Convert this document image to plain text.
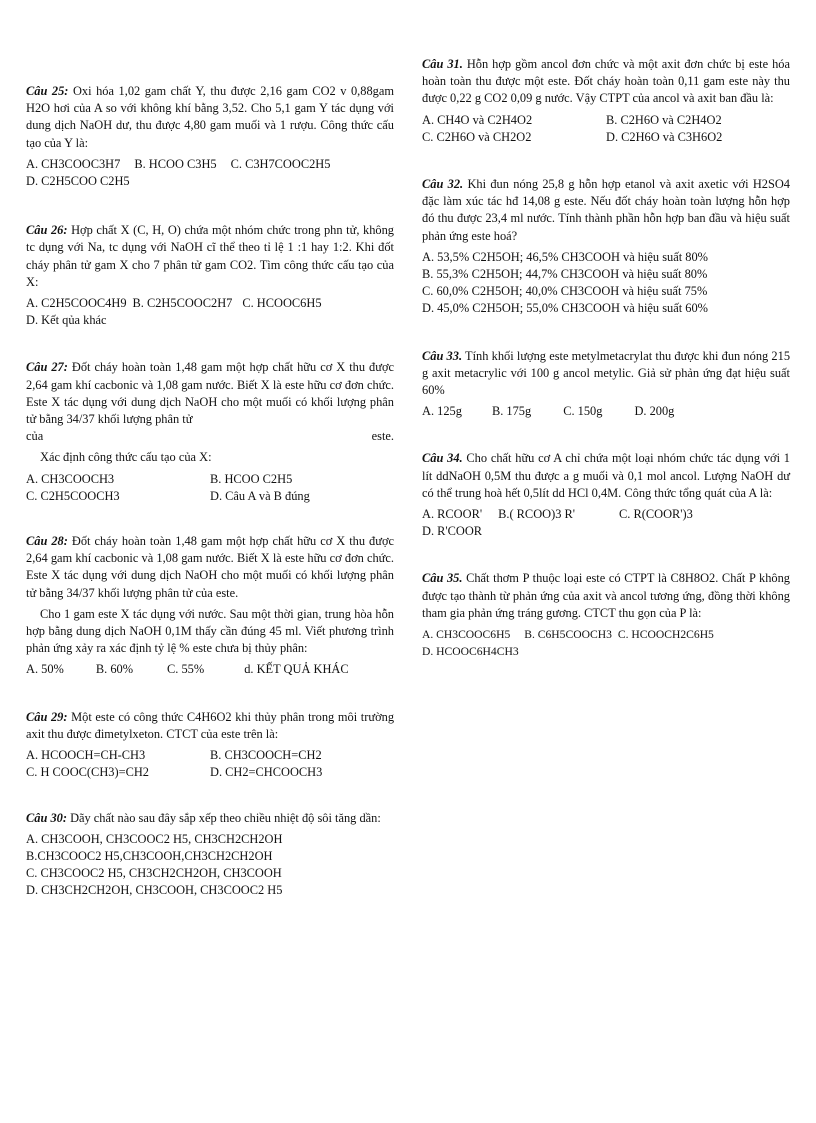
Câu 25: Oxi hóa 1,02 gam chất Y, thu được 2,16 gam CO2 v 0,88gam H2O hơi của A so với không khí bằng 3,52. Cho 5,1 gam Y tác dụng với dung dịch NaOH dư, thu được 4,80 gam muối và 1 rượu. Công thức cấu tạo của Y là:

A. CH3COOC3H7 B. HCOO C3H5 C. C3H7COOC2H5
D. C2H5COO C2H5

Câu 26: Hợp chất X (C, H, O) chứa một nhóm chức trong phn tử, không tc dụng với Na, tc dụng với NaOH cĩ thể theo tỉ lệ 1 :1 hay 1:2. Khi đốt cháy phân tử gam X cho 7 phân tử gam CO2. Tìm công thức cấu tạo của X:

A. C2H5COOC4H9 B. C2H5COOC2H7 C. HCOOC6H5
D. Kết qủa khác

Câu 27: Đốt cháy hoàn toàn 1,48 gam một hợp chất hữu cơ X thu được 2,64 gam khí cacbonic và 1,08 gam nước. Biết X là este hữu cơ đơn chức. Este X tác dụng với dung dịch NaOH cho một muối có khối lượng phân tử bằng 34/37 khối lượng phân tử

của	este.

Xác định công thức cấu tạo của X:

A. CH3COOCH3	B. HCOO C2H5
C. C2H5COOCH3	D. Câu A và B đúng

Câu 28: Đốt cháy hoàn toàn 1,48 gam một hợp chất hữu cơ X thu được 2,64 gam khí cacbonic và 1,08 gam nước. Biết X là este hữu cơ đơn chức. Este X tác dụng với dung dịch NaOH cho một muối có khối lượng phân tử bằng 34/37 khối lượng phân tử của este.

Cho 1 gam este X tác dụng với nước. Sau một thời gian, trung hòa hỗn hợp bằng dung dịch NaOH 0,1M thấy cần đúng 45 ml. Viết phương trình phản ứng xảy ra xác định tỷ lệ % este chưa bị thủy phân:

A. 50%	B. 60%	C. 55%	d. KẾT QUẢ KHÁC

Câu 29: Một este có công thức C4H6O2 khi thủy phân trong môi trường axit thu được đimetylxeton. CTCT của este trên là:

A. HCOOCH=CH-CH3	B. CH3COOCH=CH2
C. H COOC(CH3)=CH2	D. CH2=CHCOOCH3

Câu 30: Dãy chất nào sau đây sắp xếp theo chiều nhiệt độ sôi tăng dần:

A. CH3COOH, CH3COOC2 H5, CH3CH2CH2OH
B.CH3COOC2 H5,CH3COOH,CH3CH2CH2OH
C. CH3COOC2 H5, CH3CH2CH2OH, CH3COOH
D. CH3CH2CH2OH, CH3COOH, CH3COOC2 H5

Câu 31. Hỗn hợp gồm ancol đơn chức và một axit đơn chức bị este hóa hoàn toàn thu được một este. Đốt cháy hoàn toàn 0,11 gam este này thu được 0,22 g CO2 0,09 g nước. Vậy CTPT của ancol và axit ban đầu là:

A. CH4O và C2H4O2	B. C2H6O và C2H4O2
C. C2H6O và CH2O2	D. C2H6O và C3H6O2

Câu 32. Khi đun nóng 25,8 g hỗn hợp etanol và axit axetic với H2SO4 đặc làm xúc tác hđ 14,08 g este. Nếu đốt cháy hoàn toàn lượng hỗn hợp đó thu được 23,4 ml nước. Tính thành phần hỗn hợp ban đầu và hiệu suất phản ứng este hoá?

A. 53,5% C2H5OH; 46,5% CH3COOH và hiệu suất 80%
B. 55,3% C2H5OH; 44,7% CH3COOH và hiệu suất 80%
C. 60,0% C2H5OH; 40,0% CH3COOH và hiệu suất 75%
D. 45,0% C2H5OH; 55,0% CH3COOH và hiệu suất 60%

Câu 33. Tính khối lượng este metylmetacrylat thu được khi đun nóng 215 g axit metacrylic với 100 g ancol metylic. Giả sử phản ứng đạt hiệu suất 60%

A. 125g B. 175g	C. 150g	D. 200g

Câu 34. Cho chất hữu cơ A chỉ chứa một loại nhóm chức tác dụng với 1 lít ddNaOH 0,5M thu được a g muối và 0,1 mol ancol. Lượng NaOH dư có thể trung hoà hết 0,5lít dd HCl 0,4M. Công thức tổng quát của A là:

A. RCOOR' B.( RCOO)3 R'	C. R(COOR')3
D. R'COOR

Câu 35. Chất thơm P thuộc loại este có CTPT là C8H8O2. Chất P không được tạo thành từ phản ứng của axit và ancol tương ứng, đồng thời không tham gia phản ứng tráng gương. CTCT thu gọn của P là:

A. CH3COOC6H5 B. C6H5COOCH3 C. HCOOCH2C6H5
D. HCOOC6H4CH3
